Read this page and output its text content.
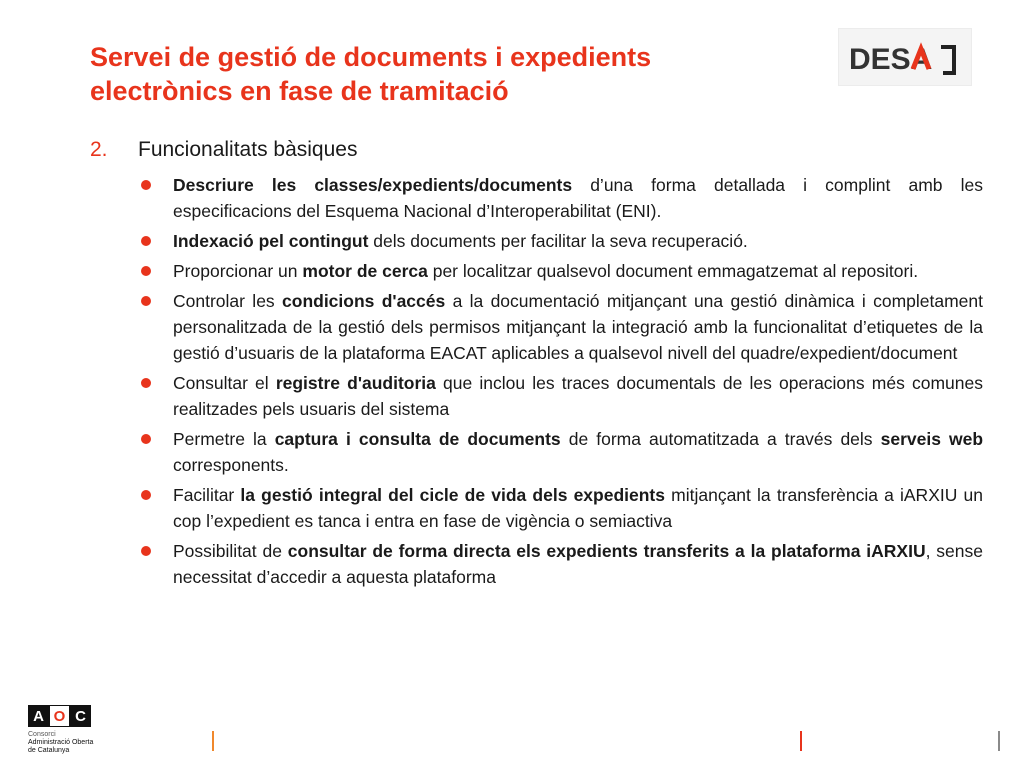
Servei de gestió de documents i expedients
electrònics en fase de tramitació
DESA
2. Funcionalitats bàsiques
Descriure les classes/expedients/documents d’una forma detallada i complint amb les especificacions del Esquema Nacional d’Interoperabilitat (ENI).
Indexació pel contingut dels documents per facilitar la seva recuperació.
Proporcionar un motor de cerca per localitzar qualsevol document emmagatzemat al repositori.
Controlar les condicions d'accés a la documentació mitjançant una gestió dinàmica i completament personalitzada de la gestió dels permisos mitjançant la integració amb la funcionalitat d’etiquetes de la gestió d’usuaris de la plataforma EACAT aplicables a qualsevol nivell del quadre/expedient/document
Consultar el registre d'auditoria que inclou les traces documentals de les operacions més comunes realitzades pels usuaris del sistema
Permetre la captura i consulta de documents de forma automatitzada a través dels serveis web corresponents.
Facilitar la gestió integral del cicle de vida dels expedients mitjançant la transferència a iARXIU un cop l’expedient es tanca i entra en fase de vigència o semiactiva
Possibilitat de consultar de forma directa els expedients transferits a la plataforma iARXIU, sense necessitat d’accedir a aquesta plataforma
A O C
Consorci
Administració Oberta
de Catalunya
